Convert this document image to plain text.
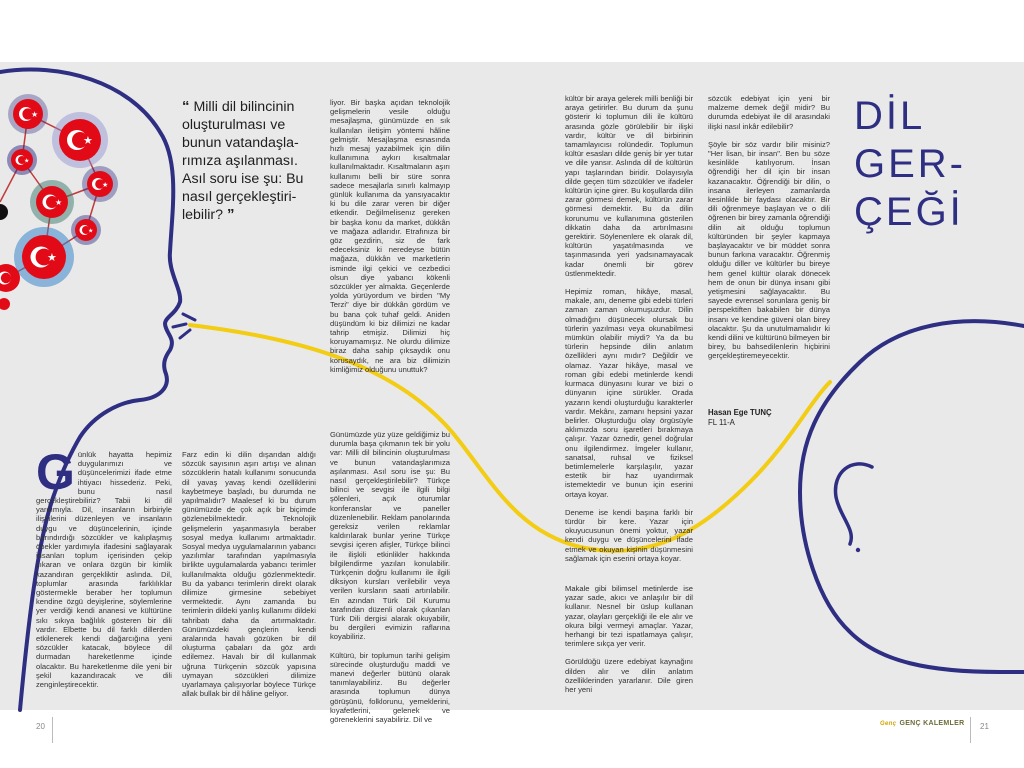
★
★
★
★
★
★
★
“ Milli dil bilincinin oluşturulması ve bunun vatandaşla-rımıza aşılanması. Asıl soru ise şu: Bu nasıl gerçekleştiri-lebilir? ”
DİL
GER-
ÇEĞİ

liyor. Bir başka açıdan teknolojik gelişmelerin vesile olduğu mesajlaşma, günümüzde en sık kullanılan iletişim yöntemi hâline gelmiştir. Mesajlaşma esnasında hızlı mesaj yazabilmek için dilin kullanımına aykırı kısaltmalar kullanılmaktadır. Kısaltmaların aşırı kullanımı belli bir süre sonra sadece mesajlarla sınırlı kalmayıp günlük kullanıma da yansıyacaktır ki bu dile zarar veren bir diğer etkendir. Değilmelisenız gereken bir başka konu da market, dükkân ve mağaza adlarıdır. Etrafınıza bir göz gezdirin, siz de fark edeceksiniz ki neredeyse bütün mağaza, dükkân ve marketlerin isminde ilgi çekici ve cezbedici olsun diye yabancı kökenli sözcükler yer almakta. Geçenlerde yolda yürüyordum ve birden "My Terzi" diye bir dükkân gördüm ve bu bana çok tuhaf geldi. Aniden düşündüm ki biz dilimizi ne kadar tahrip etmişiz. Dilimizi hiç koruyamamışız. Ne olurdu dilimize biraz daha sahip çıksaydık onu korusaydık, ne ara biz dilimizin kimliğimiz olduğunu unuttuk?

kültür bir araya gelerek milli benliği bir araya getirirler. Bu durum da şunu gösterir ki toplumun dili ile kültürü arasında gözle görülebilir bir ilişki vardır, kültür ve dil birbirinin tamamlayıcısı rolündedir. Toplumun kültür esasları dilde geniş bir yer tutar ve dile yansır. Aslında dil de kültürün yapı taşlarından biridir. Dolayısıyla dilde geçen tüm sözcükler ve ifadeler kültürün içine girer. Bu koşullarda dilin zarar görmesi demek, kültürün zarar görmesi demektir. Bu da dilin korunumu ve kullanımına gösterilen dikkatin daha da artırılmasını gerektirir. Söylenenlere ek olarak dil, kültürün yaşatılmasında ve taşınmasında yeri yadsınamayacak kadar önemli bir görev üstlenmektedir.

Hepimiz roman, hikâye, masal, makale, anı, deneme gibi edebi türleri zaman zaman okumuşuzdur. Dilin olmadığını düşünecek olursak bu türlerin yazılması veya okunabilmesi mümkün olabilir miydi? Ya da bu türlerin hepsinde dilin anlatım özellikleri aynı mıdır? Değildir ve olamaz. Yazar hikâye, masal ve roman gibi edebi metinlerde kendi kurmaca dünyasını kurar ve bizi o dünyanın içine sürükler. Orada yazarın kendi oluşturduğu karakterler vardır. Mekânı, zamanı hepsini yazar belirler. Oluşturduğu olay örgüsüyle aklımızda soru işaretleri bırakmaya çalışır. Yazar öznedir, genel doğrular onu ilgilendirmez. İmgeler kullanır, sanatsal, ruhsal ve fiziksel betimlemelerle karşılaşılır, yazar estetik bir haz uyandırmak istemektedir ve bunun için eserini ortaya koyar.

Deneme ise kendi başına farklı bir türdür bir kere. Yazar için okuyucusunun önemi yoktur, yazar kendi duygu ve düşüncelerini ifade etmek ve okuyan kişinin düşünmesini sağlamak için eserini ortaya koyar.

sözcük edebiyat için yeni bir malzeme demek değil midir? Bu durumda edebiyat ile dil arasındaki ilişki nasıl inkâr edilebilir?

Şöyle bir söz vardır bilir misiniz? "Her lisan, bir insan". Ben bu söze kesinlikle katılıyorum. İnsan öğrendiği her dil için bir insan kazanacaktır. Öğrendiği bir dilin, o insana ilerleyen zamanlarda kesinlikle bir faydası olacaktır. Bir dili öğrenmeye başlayan ve o dili öğrenen bir birey zamanla öğrendiği dilin ait olduğu toplumun kültüründen bir şeyler kapmaya başlayacaktır ve bir müddet sonra bunun farkına varacaktır. Öğrenmiş olduğu diller ve kültürler bu bireye hem genel kültür olarak dönecek hem de onun bir dünya insanı gibi yetişmesini sağlayacaktır. Bu sayede evrensel sorunlara geniş bir perspektiften bakabilen bir dünya insanı ve kendine güveni olan birey olacaktır. Şu da unutulmamalıdır ki kendi dilini ve kültürünü bilmeyen bir birey, bu bahsedilenlerin hiçbirini gerçekleştiremeyecektir.

Hasan Ege TUNÇ
FL 11-A
G ünlük hayatta hepimiz duygularımızı ve düşüncelerimizi ifade etme ihtiyacı hissederiz. Peki, bunu nasıl gerçekleştirebiliriz? Tabii ki dil yardımıyla. Dil, insanların birbiriyle ilişkilerini düzenleyen ve insanların duygu ve düşüncelerinin, içinde barındırdığı sözcükler ve kalıplaşmış öbekler yardımıyla ifadesini sağlayarak insanları toplum içerisinden çekip çıkaran ve onlara özgün bir kimlik kazandıran gerçekliktir aslında. Dil, toplumlar arasında farklılıklar göstermekle beraber her toplumun kendine özgü deyişlerine, söylemlerine yer verdiği kendi ananesi ve kültürüne sıkı sıkıya bağlılık gösteren bir dili vardır. Elbette bu dil farklı dillerden etkilenerek kendi dağarcığına yeni sözcükler katacak, böylece dil durmadan hareketlenme içinde olacaktır. Bu hareketlenme dile yeni bir şekil kazandıracak ve dili zenginleştirecektir.

Farz edin ki dilin dışarıdan aldığı sözcük sayısının aşırı artışı ve alınan sözcüklerin hatalı kullanımı sonucunda dil yavaş yavaş kendi özelliklerini kaybetmeye başladı, bu durumda ne yapılmalıdır? Maalesef ki bu durum günümüzde de çok açık bir biçimde gözlenebilmektedir. Teknolojik gelişmelerin yaşanmasıyla beraber sosyal medya kullanımı artmaktadır. Sosyal medya uygulamalarının yabancı yazılımlar tarafından yapılmasıyla birlikte uygulamalarda yabancı terimler kullanılmakta olduğu gözlenmektedir. Bu da yabancı terimlerin direkt olarak dilimize girmesine sebebiyet vermektedir. Aynı zamanda bu terimlerin dildeki yanlış kullanımı dildeki tahribatı daha da artırmaktadır. Günümüzdeki gençlerin kendi aralarında havalı gözüken bir dil oluşturma çabaları da göz ardı edilemez. Havalı bir dil kullanmak uğruna Türkçenin sözcük yapısına uymayan sözcükleri dilimize uyarlamaya çalışıyorlar böylece Türkçe allak bullak bir dil hâline geliyor.

Günümüzde yüz yüze geldiğimiz bu durumla başa çıkmanın tek bir yolu var: Milli dil bilincinin oluşturulması ve bunun vatandaşlarımıza aşılanması. Asıl soru ise şu: Bu nasıl gerçekleştirilebilir? Türkçe bilinci ve sevgisi ile ilgili bilgi şölenleri, açık oturumlar konferanslar ve paneller düzenlenebilir. Reklam panolarında gereksiz verilen reklamlar kaldırılarak bunlar yerine Türkçe sevgisi içeren afişler, Türkçe bilinci ile ilişkili etkinlikler hakkında bilgilendirme yazıları konulabilir. Türkçenin doğru kullanımı ile ilgili diksiyon kursları verilebilir veya verilen kursların saati artırılabilir. En azından Türk Dil Kurumu tarafından düzenli olarak çıkarılan Türk Dili dergisi alarak okuyabilir, bu dergileri evimizin raflarına koyabiliriz.

Kültürü, bir toplumun tarihi gelişim sürecinde oluşturduğu maddi ve manevi değerler bütünü olarak tanımlayabiliriz. Bu değerler arasında toplumun dünya görüşünü, folklorunu, yemeklerini, kıyafetlerini, gelenek ve göreneklerini sayabiliriz. Dil ve

Makale gibi bilimsel metinlerde ise yazar sade, akıcı ve anlaşılır bir dil kullanır. Nesnel bir üslup kullanan yazar, olayları gerçekliği ile ele alır ve okura bilgi vermeyi amaçlar. Yazar, herhangi bir tezi ispatlamaya çalışır, terimlere sıkça yer verir.

Görüldüğü üzere edebiyat kaynağını dilden alır ve dilin anlatım özelliklerinden yararlanır. Dile giren her yeni

20	Genç GENÇ KALEMLER 21
